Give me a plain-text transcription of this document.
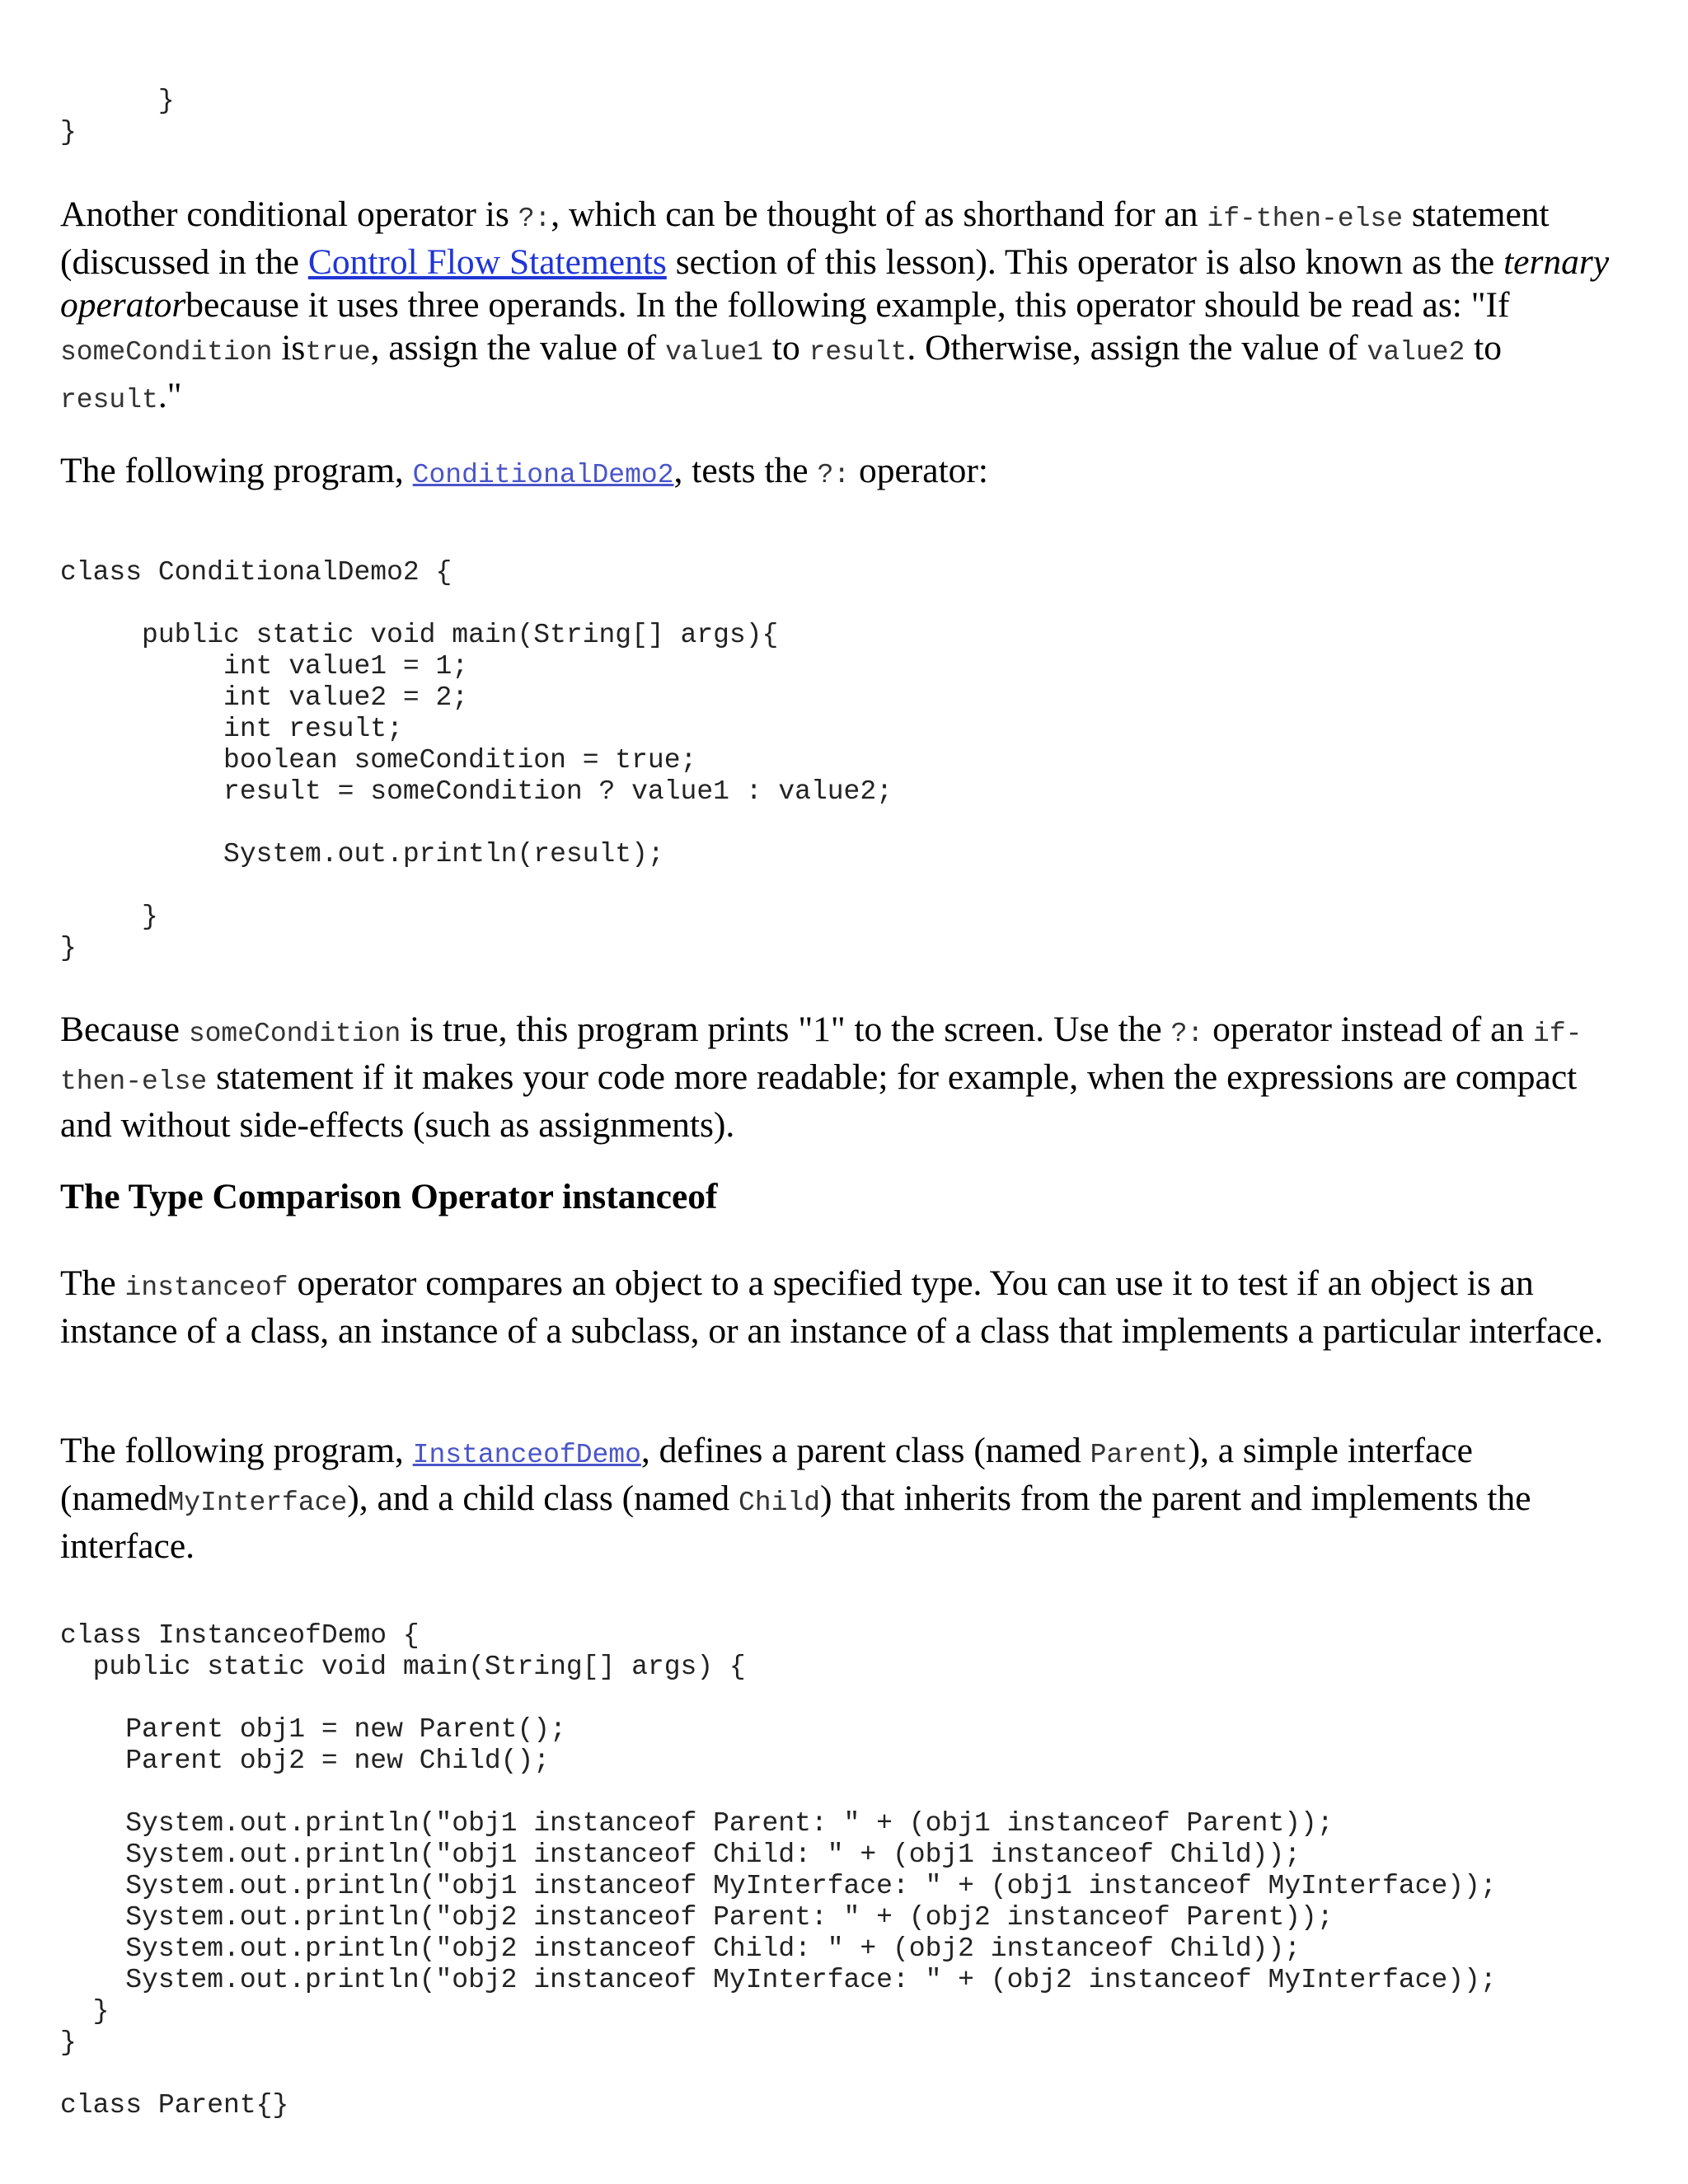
}
}

Another conditional operator is ?:, which can be thought of as shorthand for an if-then-else statement (discussed in the Control Flow Statements section of this lesson). This operator is also known as the ternary operatorbecause it uses three operands. In the following example, this operator should be read as: "If someCondition istrue, assign the value of value1 to result. Otherwise, assign the value of value2 to result."

The following program, ConditionalDemo2, tests the ?: operator:

class ConditionalDemo2 {

public static void main(String[] args){
int value1 = 1;
int value2 = 2;
int result;
boolean someCondition = true;
result = someCondition ? value1 : value2;

System.out.println(result);

}
}

Because someCondition is true, this program prints "1" to the screen. Use the ?: operator instead of an if-then-else statement if it makes your code more readable; for example, when the expressions are compact and without side-effects (such as assignments).

The Type Comparison Operator instanceof

The instanceof operator compares an object to a specified type. You can use it to test if an object is an instance of a class, an instance of a subclass, or an instance of a class that implements a particular interface.

The following program, InstanceofDemo, defines a parent class (named Parent), a simple interface (namedMyInterface), and a child class (named Child) that inherits from the parent and implements the interface.

class InstanceofDemo {
public static void main(String[] args) {

Parent obj1 = new Parent();
Parent obj2 = new Child();

System.out.println("obj1 instanceof Parent: " + (obj1 instanceof Parent));
System.out.println("obj1 instanceof Child: " + (obj1 instanceof Child));
System.out.println("obj1 instanceof MyInterface: " + (obj1 instanceof MyInterface));
System.out.println("obj2 instanceof Parent: " + (obj2 instanceof Parent));
System.out.println("obj2 instanceof Child: " + (obj2 instanceof Child));
System.out.println("obj2 instanceof MyInterface: " + (obj2 instanceof MyInterface));
}
}

class Parent{}
